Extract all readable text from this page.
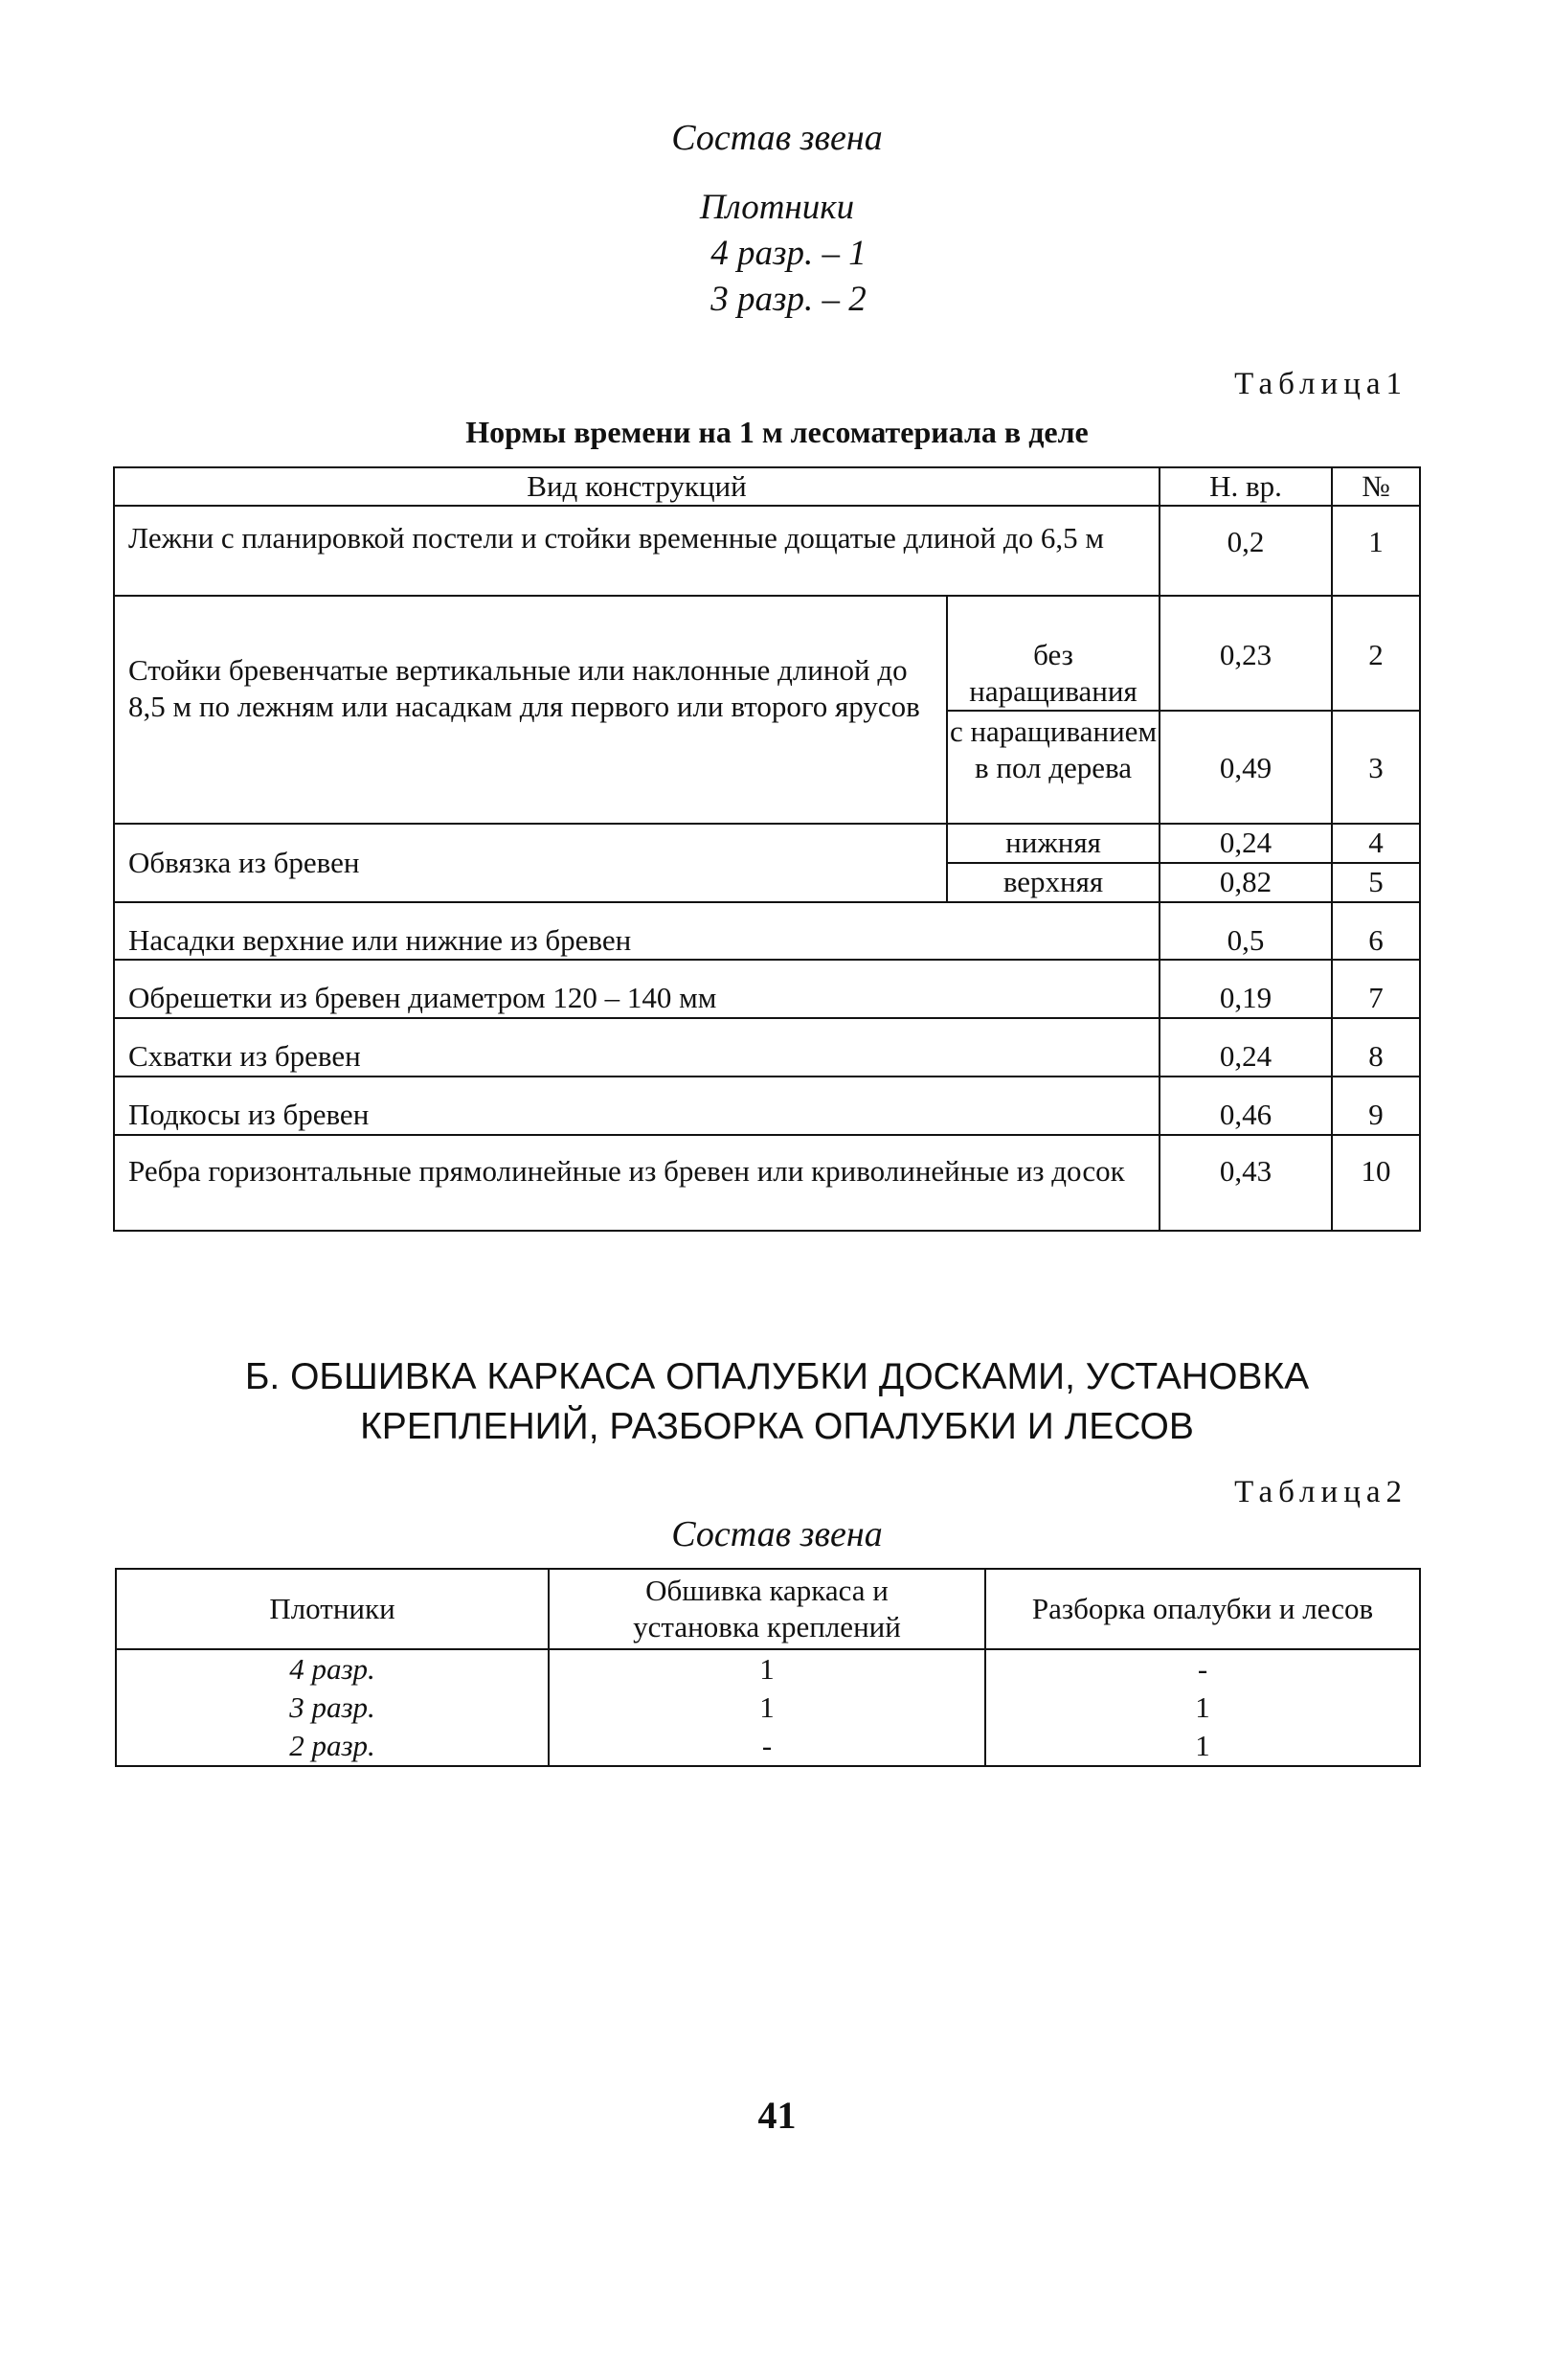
Состав звена
Плотники
4 разр. – 1
3 разр. – 2
Таблица1
Нормы времени на 1 м лесоматериала в деле
Вид конструкций		Н. вр.	№
Лежни с планировкой постели и стойки временные дощатые длиной до 6,5 м		0,2	1
Стойки бревенчатые вертикальные или наклонные длиной до 8,5 м по лежням или насадкам для первого или второго ярусов	без наращивания	0,23	2
	с наращиванием в пол дерева	0,49	3
Обвязка из бревен	нижняя	0,24	4
	верхняя	0,82	5
Насадки верхние или нижние из бревен		0,5	6
Обрешетки из бревен диаметром 120 – 140 мм		0,19	7
Схватки из бревен		0,24	8
Подкосы из бревен		0,46	9
Ребра горизонтальные прямолинейные из бревен или криволинейные из досок		0,43	10
Б. ОБШИВКА КАРКАСА ОПАЛУБКИ ДОСКАМИ, УСТАНОВКА
КРЕПЛЕНИЙ, РАЗБОРКА ОПАЛУБКИ И ЛЕСОВ
Таблица2
Состав звена
Плотники	Обшивка каркаса и установка креплений	Разборка опалубки и лесов
4 разр.	1	-
3 разр.	1	1
2 разр.	-	1
41
